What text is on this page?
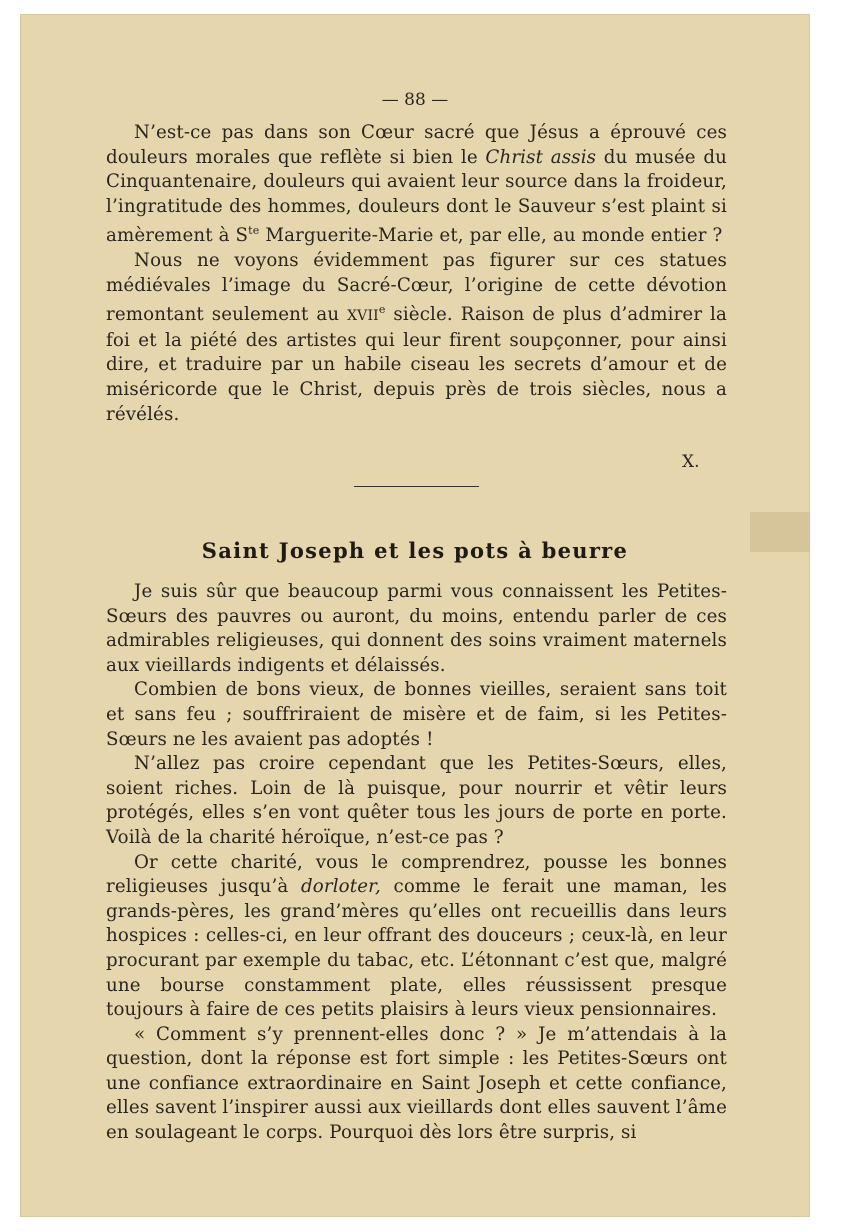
— 88 —

N’est-ce pas dans son Cœur sacré que Jésus a éprouvé ces douleurs morales que reflète si bien le Christ assis du musée du Cinquantenaire, douleurs qui avaient leur source dans la froideur, l’ingratitude des hommes, douleurs dont le Sauveur s’est plaint si amèrement à $S^{te}$ Marguerite-Marie et, par elle, au monde entier ?

Nous ne voyons évidemment pas figurer sur ces statues médiévales l’image du Sacré-Cœur, l’origine de cette dévotion remontant seulement au XVIIe siècle. Raison de plus d’admirer la foi et la piété des artistes qui leur firent soupçonner, pour ainsi dire, et traduire par un habile ciseau les secrets d’amour et de miséricorde que le Christ, depuis près de trois siècles, nous a révélés.

X.
Saint Joseph et les pots à beurre

Je suis sûr que beaucoup parmi vous connaissent les Petites-Sœurs des pauvres ou auront, du moins, entendu parler de ces admirables religieuses, qui donnent des soins vraiment maternels aux vieillards indigents et délaissés.

Combien de bons vieux, de bonnes vieilles, seraient sans toit et sans feu ; souffriraient de misère et de faim, si les Petites-Sœurs ne les avaient pas adoptés !

N’allez pas croire cependant que les Petites-Sœurs, elles, soient riches. Loin de là puisque, pour nourrir et vêtir leurs protégés, elles s’en vont quêter tous les jours de porte en porte. Voilà de la charité héroïque, n’est-ce pas ?

Or cette charité, vous le comprendrez, pousse les bonnes religieuses jusqu’à dorloter, comme le ferait une maman, les grands-pères, les grand’mères qu’elles ont recueillis dans leurs hospices : celles-ci, en leur offrant des douceurs ; ceux-là, en leur procurant par exemple du tabac, etc. L’étonnant c’est que, malgré une bourse constamment plate, elles réussissent presque toujours à faire de ces petits plaisirs à leurs vieux pensionnaires.

« Comment s’y prennent-elles donc ? » Je m’attendais à la question, dont la réponse est fort simple : les Petites-Sœurs ont une confiance extraordinaire en Saint Joseph et cette confiance, elles savent l’inspirer aussi aux vieillards dont elles sauvent l’âme en soulageant le corps. Pourquoi dès lors être surpris, si
